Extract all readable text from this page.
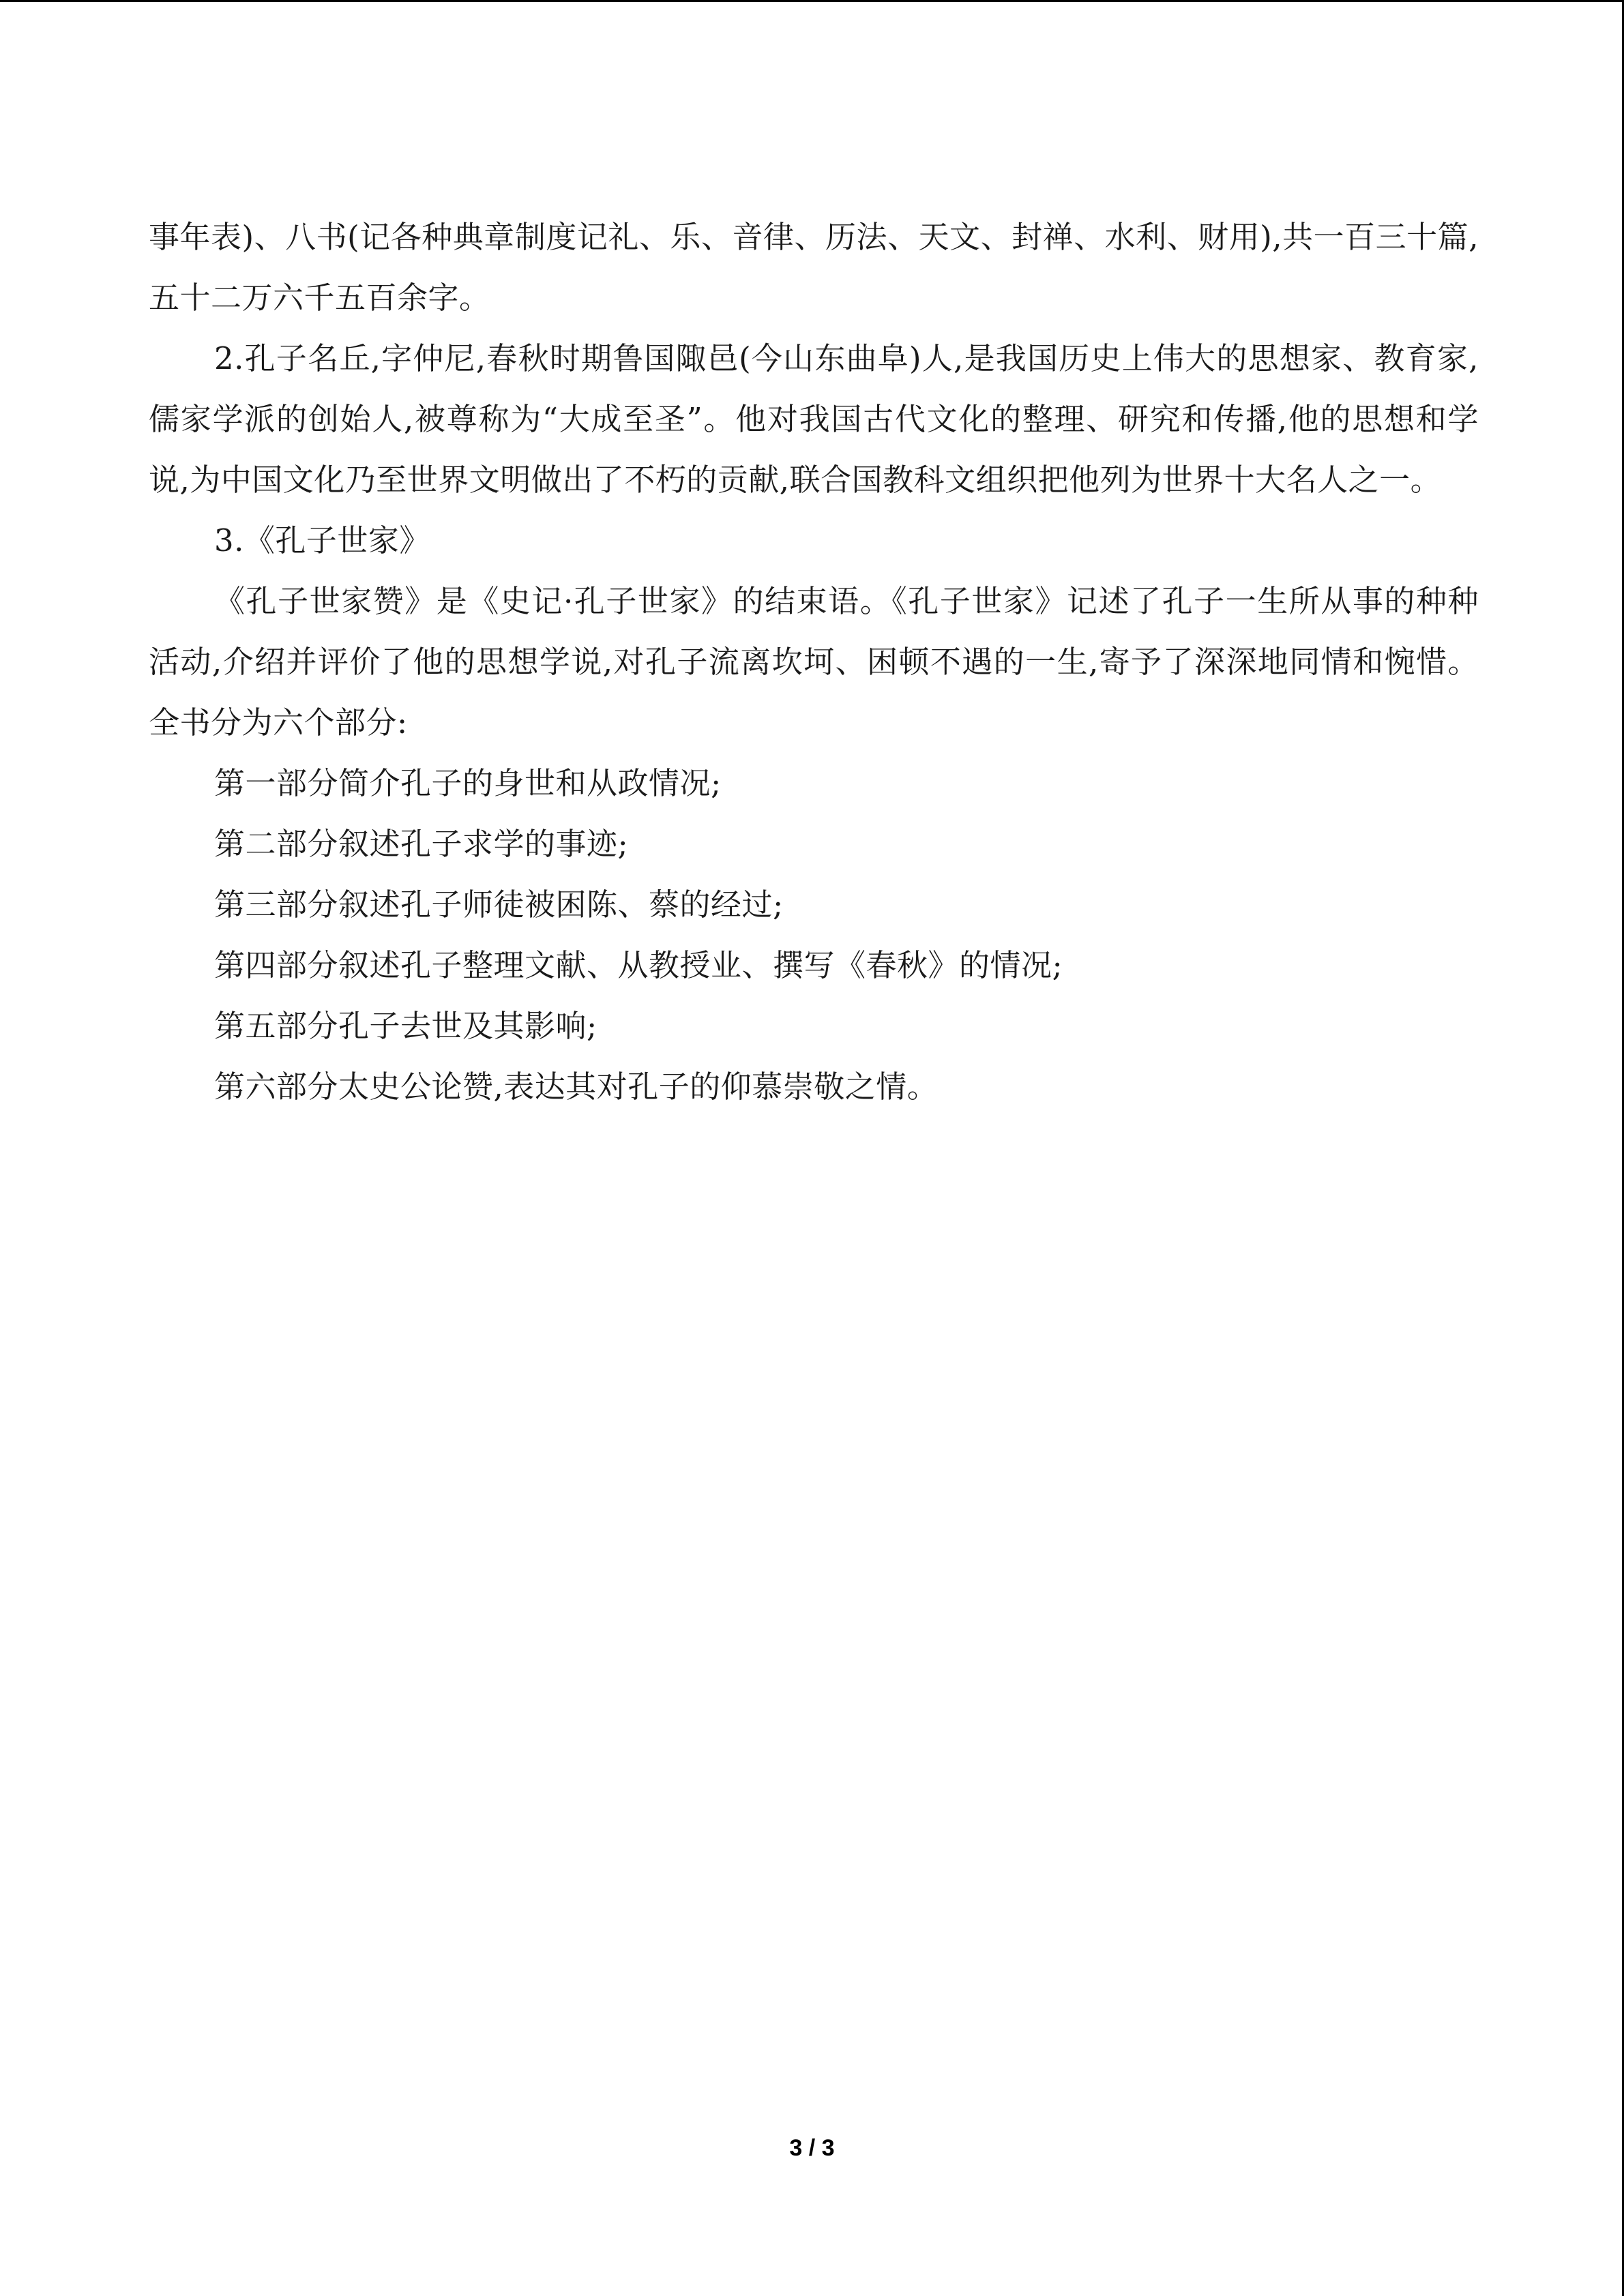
事年表)、八书(记各种典章制度记礼、乐、音律、历法、天文、封禅、水利、财用),共一百三十篇,五十二万六千五百余字。

2.孔子名丘,字仲尼,春秋时期鲁国陬邑(今山东曲阜)人,是我国历史上伟大的思想家、教育家,儒家学派的创始人,被尊称为“大成至圣”。他对我国古代文化的整理、研究和传播,他的思想和学说,为中国文化乃至世界文明做出了不朽的贡献,联合国教科文组织把他列为世界十大名人之一。

3.《孔子世家》

《孔子世家赞》是《史记·孔子世家》的结束语。《孔子世家》记述了孔子一生所从事的种种活动,介绍并评价了他的思想学说,对孔子流离坎坷、困顿不遇的一生,寄予了深深地同情和惋惜。全书分为六个部分:

第一部分简介孔子的身世和从政情况;

第二部分叙述孔子求学的事迹;

第三部分叙述孔子师徒被困陈、蔡的经过;

第四部分叙述孔子整理文献、从教授业、撰写《春秋》的情况;

第五部分孔子去世及其影响;

第六部分太史公论赞,表达其对孔子的仰慕崇敬之情。

3 / 3
